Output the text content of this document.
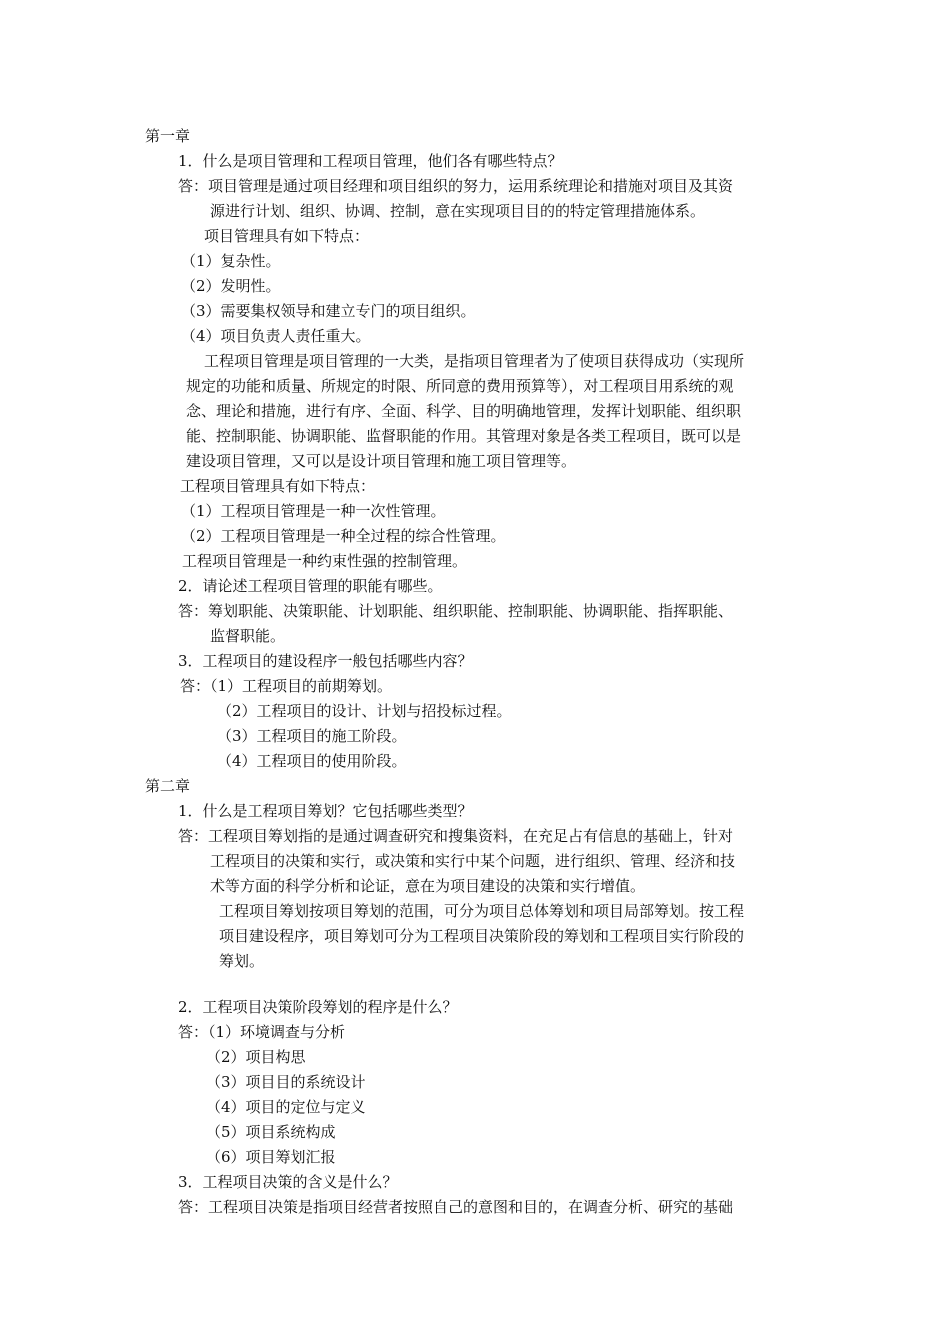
第一章
1．什么是项目管理和工程项目管理，他们各有哪些特点？
答：项目管理是通过项目经理和项目组织的努力，运用系统理论和措施对项目及其资
源进行计划、组织、协调、控制，意在实现项目目的的特定管理措施体系。
项目管理具有如下特点：
（1）复杂性。
（2）发明性。
（3）需要集权领导和建立专门的项目组织。
（4）项目负责人责任重大。
工程项目管理是项目管理的一大类，是指项目管理者为了使项目获得成功（实现所
规定的功能和质量、所规定的时限、所同意的费用预算等），对工程项目用系统的观
念、理论和措施，进行有序、全面、科学、目的明确地管理，发挥计划职能、组织职
能、控制职能、协调职能、监督职能的作用。其管理对象是各类工程项目，既可以是
建设项目管理，又可以是设计项目管理和施工项目管理等。
工程项目管理具有如下特点：
（1）工程项目管理是一种一次性管理。
（2）工程项目管理是一种全过程的综合性管理。
工程项目管理是一种约束性强的控制管理。
2．请论述工程项目管理的职能有哪些。
答：筹划职能、决策职能、计划职能、组织职能、控制职能、协调职能、指挥职能、
监督职能。
3．工程项目的建设程序一般包括哪些内容？
答：（1）工程项目的前期筹划。
（2）工程项目的设计、计划与招投标过程。
（3）工程项目的施工阶段。
（4）工程项目的使用阶段。
第二章
1．什么是工程项目筹划？它包括哪些类型？
答：工程项目筹划指的是通过调查研究和搜集资料，在充足占有信息的基础上，针对
工程项目的决策和实行，或决策和实行中某个问题，进行组织、管理、经济和技
术等方面的科学分析和论证，意在为项目建设的决策和实行增值。
工程项目筹划按项目筹划的范围，可分为项目总体筹划和项目局部筹划。按工程
项目建设程序，项目筹划可分为工程项目决策阶段的筹划和工程项目实行阶段的
筹划。
2．工程项目决策阶段筹划的程序是什么？
答：（1）环境调查与分析
（2）项目构思
（3）项目目的系统设计
（4）项目的定位与定义
（5）项目系统构成
（6）项目筹划汇报
3．工程项目决策的含义是什么？
答：工程项目决策是指项目经营者按照自己的意图和目的，在调查分析、研究的基础
